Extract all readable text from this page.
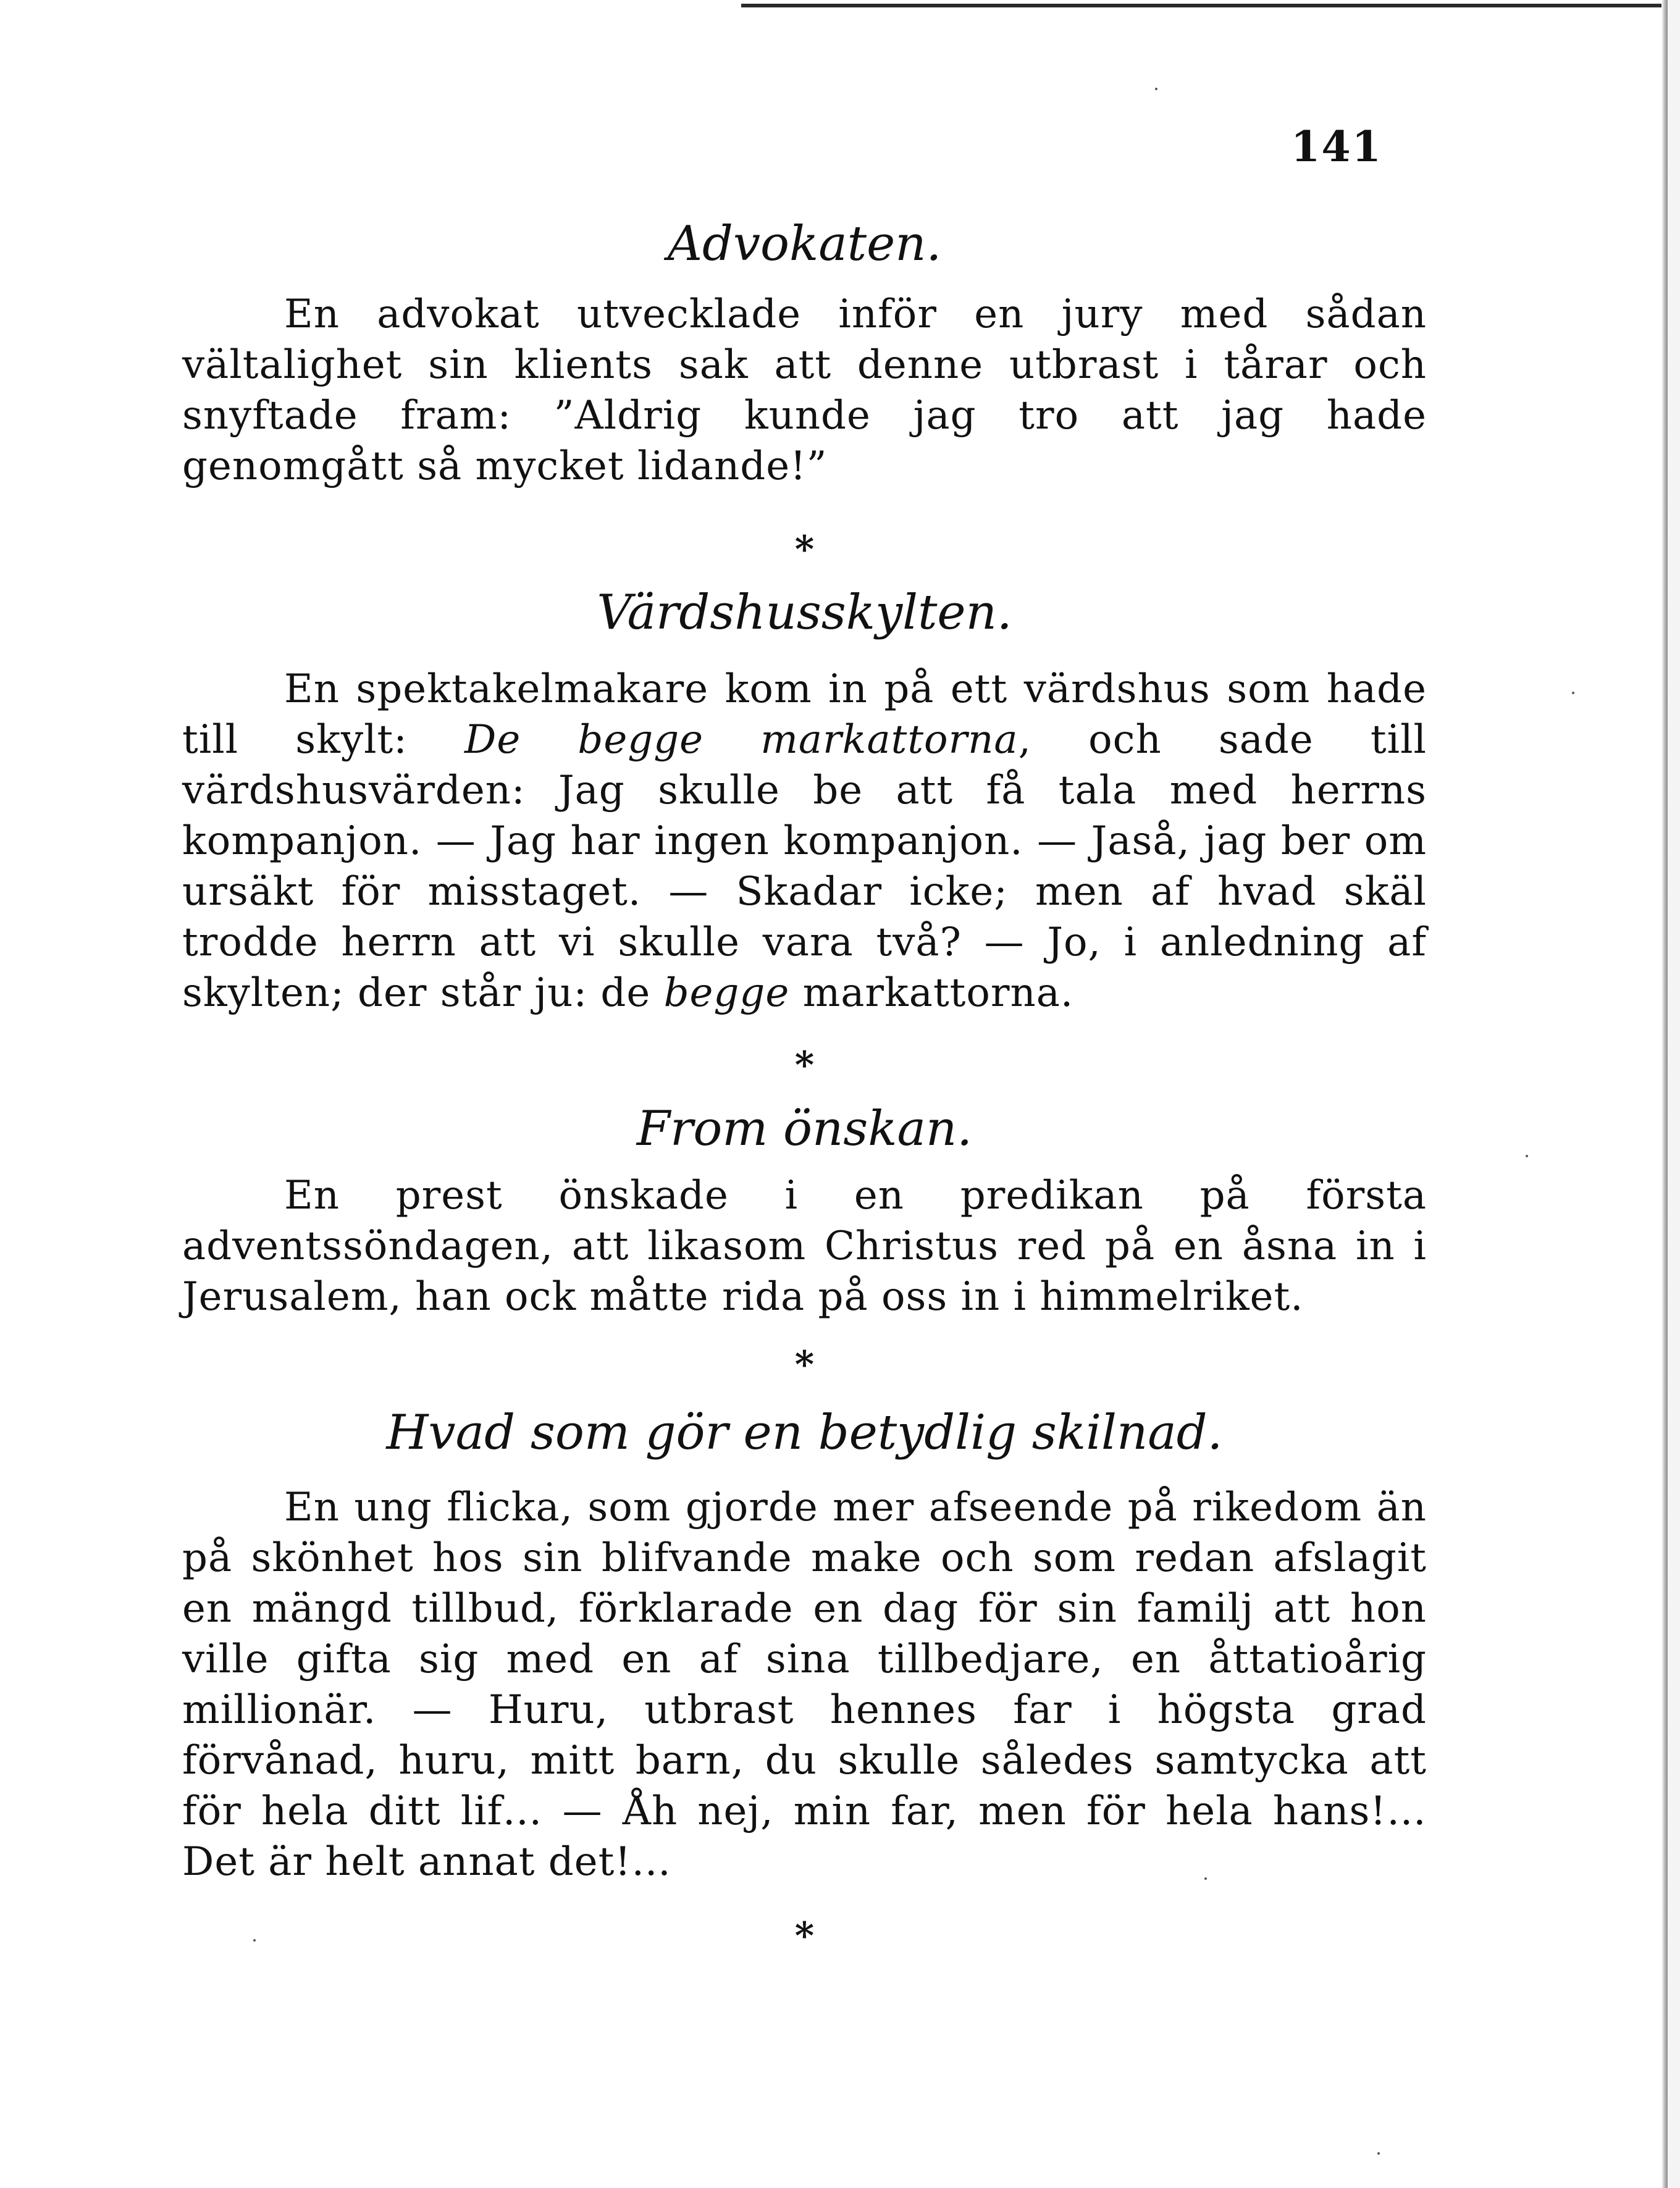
141
Advokaten.

En advokat utvecklade inför en jury med sådan vältalighet sin klients sak att denne utbrast i tårar och snyftade fram: ”Aldrig kunde jag tro att jag hade genomgått så mycket lidande!”

*
Värdshusskylten.

En spektakelmakare kom in på ett värdshus som hade till skylt: De begge markattorna, och sade till värdshusvärden: Jag skulle be att få tala med herrns kompanjon. — Jag har ingen kompanjon. — Jaså, jag ber om ursäkt för misstaget. — Skadar icke; men af hvad skäl trodde herrn att vi skulle vara två? — Jo, i anledning af skylten; der står ju: de begge markattorna.

*
From önskan.

En prest önskade i en predikan på första adventssöndagen, att likasom Christus red på en åsna in i Jerusalem, han ock måtte rida på oss in i himmelriket.

*
Hvad som gör en betydlig skilnad.

En ung flicka, som gjorde mer afseende på rikedom än på skönhet hos sin blifvande make och som redan afslagit en mängd tillbud, förklarade en dag för sin familj att hon ville gifta sig med en af sina tillbedjare, en åttatioårig millionär. — Huru, utbrast hennes far i högsta grad förvånad, huru, mitt barn, du skulle således samtycka att för hela ditt lif… — Åh nej, min far, men för hela hans!… Det är helt annat det!…

*
